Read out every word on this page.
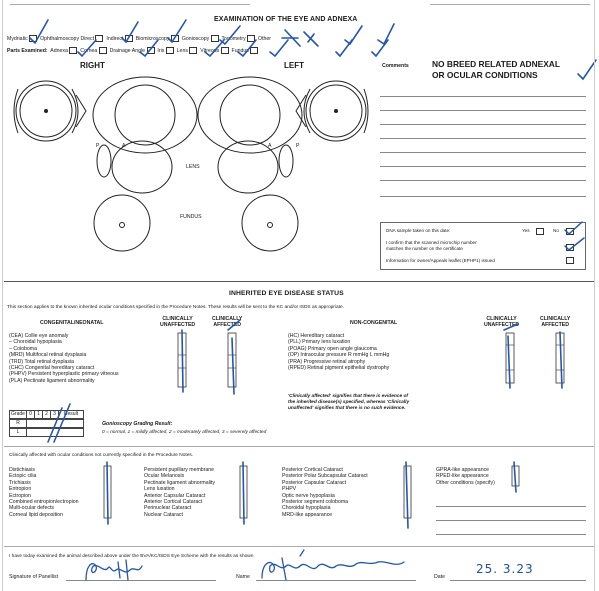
EXAMINATION OF THE EYE AND ADNEXA
Mydriatic Ophthalmoscopy Direct Indirect Biomicroscopy Gonioscopy Tonometry Other
Parts Examined: Adnexa Cornea Drainage Angle Iris Lens Vitreous Fundus
RIGHT	LEFT
P	A	A	P
LENS
FUNDUS
Comments	NO BREED RELATED ADNEXAL
OR OCULAR CONDITIONS
DNA sample taken on this date:	Yes	No
I confirm that the scanned microchip number
matches the number on the certificate
Information for owner/Appeals leaflet (EPHP1) issued
INHERITED EYE DISEASE STATUS
This section applies to the known inherited ocular conditions specified in the Procedure Notes. These results will be sent to the KC and/or ISDS as appropriate.
CONGENITAL/NEONATAL
CLINICALLY
UNAFFECTED
CLINICALLY
AFFECTED	NON-CONGENITAL
CLINICALLY
UNAFFECTED
CLINICALLY
AFFECTED
(CEA) Collie eye anomaly
– Choroidal hypoplasia
– Coloboma
(MRD) Multifocal retinal dysplasia
(TRD) Total retinal dysplasia
(CHC) Congenital hereditary cataract
(PHPV) Persistent hyperplastic primary vitreous
(PLA) Pectinate ligament abnormality
(HC) Hereditary cataract
(PLL) Primary lens luxation
(POAG) Primary open angle glaucoma
(OP) Intraocular pressure R mmHg L mmHg
(PRA) Progressive retinal atrophy
(RPED) Retinal pigment epithelial dystrophy
'Clinically affected' signifies that there is evidence of
the inherited disease(s) specified, whereas 'Clinically
unaffected' signifies that there is no such evidence.
Grade 0	1	2	3	Result
R
L
Gonioscopy Grading Result:
0 = normal, 1 = mildly affected, 2 = moderately affected, 3 = severely affected
Clinically affected with ocular conditions not currently specified in the Procedure Notes.
Distichiasis
Ectopic cilia
Trichiasis
Entropion
Ectropion
Combined entropion/ectropion
Multi-ocular defects
Corneal lipid deposition
Persistent pupillary membrane
Ocular Melanosis
Pectinate ligament abnormality
Lens luxation
Anterior Capsular Cataract
Anterior Cortical Cataract
Perinuclear Cataract
Nuclear Cataract
Posterior Cortical Cataract
Posterior Polar Subcapsular Cataract
Posterior Capsular Cataract
PHPV
Optic nerve hypoplasia
Posterior segment coloboma
Choroidal hypoplasia
MRD-like appearance
GPRA-like appearance
RPED-like appearance
Other conditions (specify)
I have today examined the animal described above under the BVA/KC/ISDS Eye Scheme with the results as shown
Signature of Panellist	Name	Date
25. 3.23
